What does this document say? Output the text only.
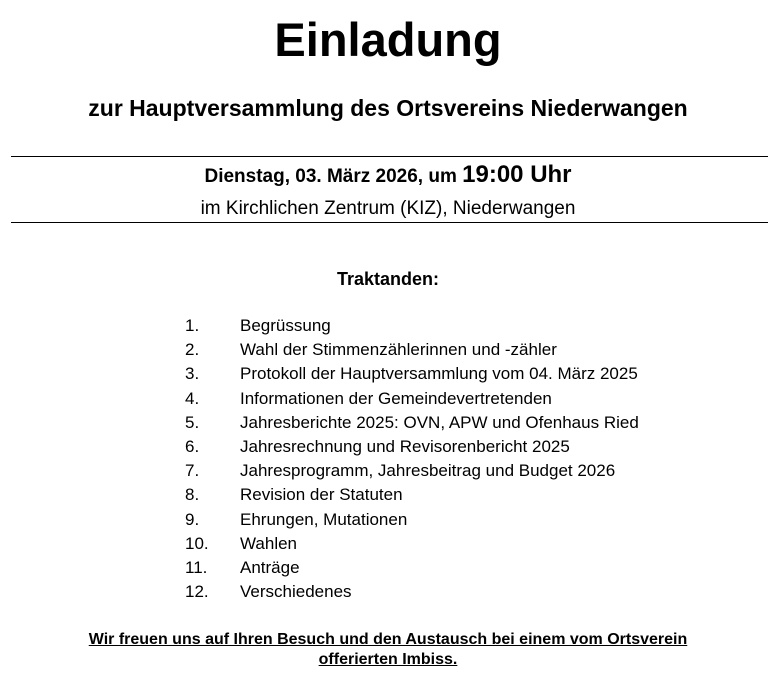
Einladung
zur Hauptversammlung des Ortsvereins Niederwangen
Dienstag, 03. März 2026, um 19:00 Uhr
im Kirchlichen Zentrum (KIZ), Niederwangen
Traktanden:
1. Begrüssung
2. Wahl der Stimmenzählerinnen und -zähler
3. Protokoll der Hauptversammlung vom 04. März 2025
4. Informationen der Gemeindevertretenden
5. Jahresberichte 2025: OVN, APW und Ofenhaus Ried
6. Jahresrechnung und Revisorenbericht 2025
7. Jahresprogramm, Jahresbeitrag und Budget 2026
8. Revision der Statuten
9. Ehrungen, Mutationen
10. Wahlen
11. Anträge
12. Verschiedenes
Wir freuen uns auf Ihren Besuch und den Austausch bei einem vom Ortsverein
offerierten Imbiss.
